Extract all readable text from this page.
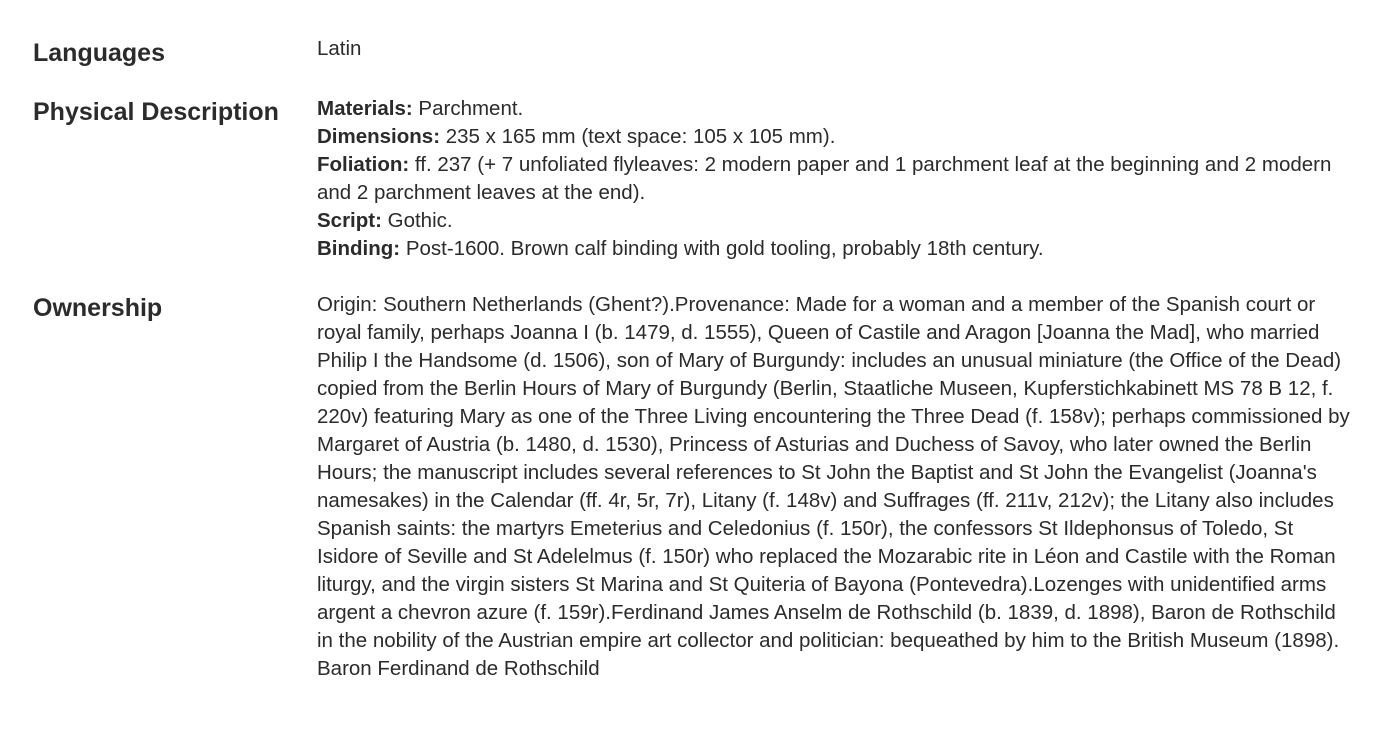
Languages	Latin
Physical Description	Materials: Parchment.
Dimensions: 235 x 165 mm (text space: 105 x 105 mm).
Foliation: ff. 237 (+ 7 unfoliated flyleaves: 2 modern paper and 1 parchment leaf at the beginning and 2 modern and 2 parchment leaves at the end).
Script: Gothic.
Binding: Post-1600. Brown calf binding with gold tooling, probably 18th century.
Ownership	Origin: Southern Netherlands (Ghent?).Provenance: Made for a woman and a member of the Spanish court or royal family, perhaps Joanna I (b. 1479, d. 1555), Queen of Castile and Aragon [Joanna the Mad], who married Philip I the Handsome (d. 1506), son of Mary of Burgundy: includes an unusual miniature (the Office of the Dead) copied from the Berlin Hours of Mary of Burgundy (Berlin, Staatliche Museen, Kupferstichkabinett MS 78 B 12, f. 220v) featuring Mary as one of the Three Living encountering the Three Dead (f. 158v); perhaps commissioned by Margaret of Austria (b. 1480, d. 1530), Princess of Asturias and Duchess of Savoy, who later owned the Berlin Hours; the manuscript includes several references to St John the Baptist and St John the Evangelist (Joanna's namesakes) in the Calendar (ff. 4r, 5r, 7r), Litany (f. 148v) and Suffrages (ff. 211v, 212v); the Litany also includes Spanish saints: the martyrs Emeterius and Celedonius (f. 150r), the confessors St Ildephonsus of Toledo, St Isidore of Seville and St Adelelmus (f. 150r) who replaced the Mozarabic rite in Léon and Castile with the Roman liturgy, and the virgin sisters St Marina and St Quiteria of Bayona (Pontevedra).Lozenges with unidentified arms argent a chevron azure (f. 159r).Ferdinand James Anselm de Rothschild (b. 1839, d. 1898), Baron de Rothschild in the nobility of the Austrian empire art collector and politician: bequeathed by him to the British Museum (1898). Baron Ferdinand de Rothschild
